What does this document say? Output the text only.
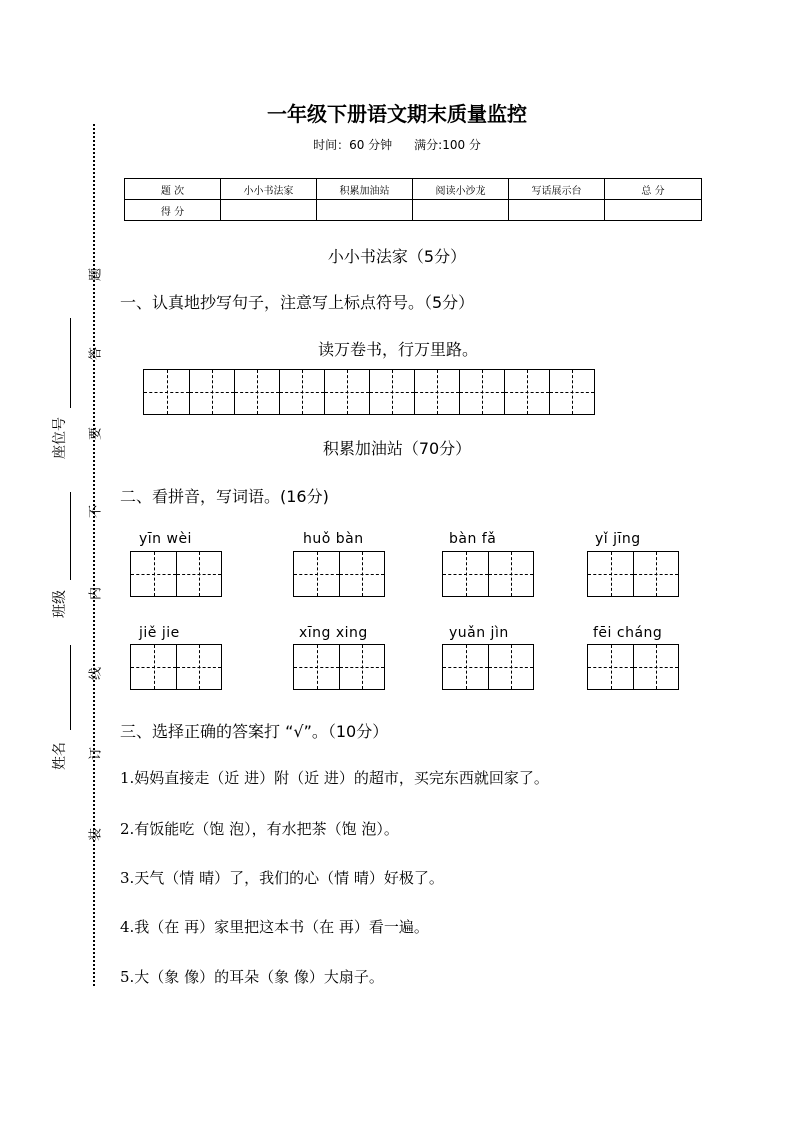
题
答
要
不
内
线
订
装
座位号
班级
姓名
一年级下册语文期末质量监控
时间：60 分钟 满分:100 分
题 次	小小书法家	积累加油站	阅读小沙龙	写话展示台	总 分
得 分					
小小书法家（5分）
一、认真地抄写句子，注意写上标点符号。（5分）
读万卷书，行万里路。
积累加油站（70分）
二、看拼音，写词语。(16分)
yīn wèi	huǒ bàn	bàn fǎ	yǐ jīng
jiě jie	xīng xing	yuǎn jìn	fēi cháng
三、选择正确的答案打 “√”。（10分）
1.妈妈直接走（近 进）附（近 进）的超市，买完东西就回家了。
2.有饭能吃（饱 泡），有水把茶（饱 泡）。
3.天气（情 晴）了，我们的心（情 晴）好极了。
4.我（在 再）家里把这本书（在 再）看一遍。
5.大（象 像）的耳朵（象 像）大扇子。
